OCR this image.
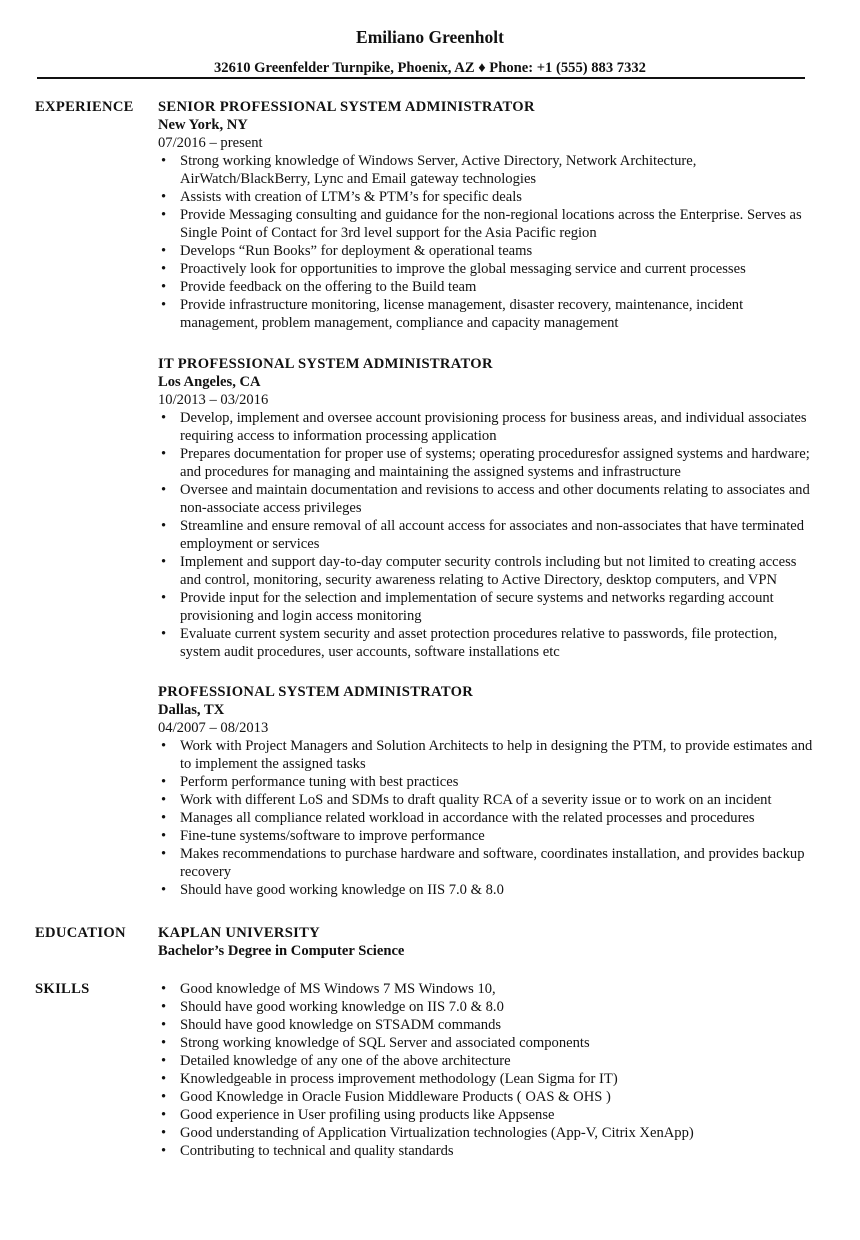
Emiliano Greenholt
32610 Greenfelder Turnpike, Phoenix, AZ ♦ Phone: +1 (555) 883 7332
EXPERIENCE SENIOR PROFESSIONAL SYSTEM ADMINISTRATOR
New York, NY
07/2016 – present
• Strong working knowledge of Windows Server, Active Directory, Network Architecture, AirWatch/BlackBerry, Lync and Email gateway technologies
• Assists with creation of LTM’s & PTM’s for specific deals
• Provide Messaging consulting and guidance for the non-regional locations across the Enterprise. Serves as Single Point of Contact for 3rd level support for the Asia Pacific region
• Develops “Run Books” for deployment & operational teams
• Proactively look for opportunities to improve the global messaging service and current processes
• Provide feedback on the offering to the Build team
• Provide infrastructure monitoring, license management, disaster recovery, maintenance, incident management, problem management, compliance and capacity management
IT PROFESSIONAL SYSTEM ADMINISTRATOR
Los Angeles, CA
10/2013 – 03/2016
• Develop, implement and oversee account provisioning process for business areas, and individual associates requiring access to information processing application
• Prepares documentation for proper use of systems; operating proceduresfor assigned systems and hardware; and procedures for managing and maintaining the assigned systems and infrastructure
• Oversee and maintain documentation and revisions to access and other documents relating to associates and non-associate access privileges
• Streamline and ensure removal of all account access for associates and non-associates that have terminated employment or services
• Implement and support day-to-day computer security controls including but not limited to creating access and control, monitoring, security awareness relating to Active Directory, desktop computers, and VPN
• Provide input for the selection and implementation of secure systems and networks regarding account provisioning and login access monitoring
• Evaluate current system security and asset protection procedures relative to passwords, file protection, system audit procedures, user accounts, software installations etc
PROFESSIONAL SYSTEM ADMINISTRATOR
Dallas, TX
04/2007 – 08/2013
• Work with Project Managers and Solution Architects to help in designing the PTM, to provide estimates and to implement the assigned tasks
• Perform performance tuning with best practices
• Work with different LoS and SDMs to draft quality RCA of a severity issue or to work on an incident
• Manages all compliance related workload in accordance with the related processes and procedures
• Fine-tune systems/software to improve performance
• Makes recommendations to purchase hardware and software, coordinates installation, and provides backup recovery
• Should have good working knowledge on IIS 7.0 & 8.0
EDUCATION KAPLAN UNIVERSITY
Bachelor’s Degree in Computer Science
SKILLS	• Good knowledge of MS Windows 7 MS Windows 10,
• Should have good working knowledge on IIS 7.0 & 8.0
• Should have good knowledge on STSADM commands
• Strong working knowledge of SQL Server and associated components
• Detailed knowledge of any one of the above architecture
• Knowledgeable in process improvement methodology (Lean Sigma for IT)
• Good Knowledge in Oracle Fusion Middleware Products ( OAS & OHS )
• Good experience in User profiling using products like Appsense
• Good understanding of Application Virtualization technologies (App-V, Citrix XenApp)
• Contributing to technical and quality standards
